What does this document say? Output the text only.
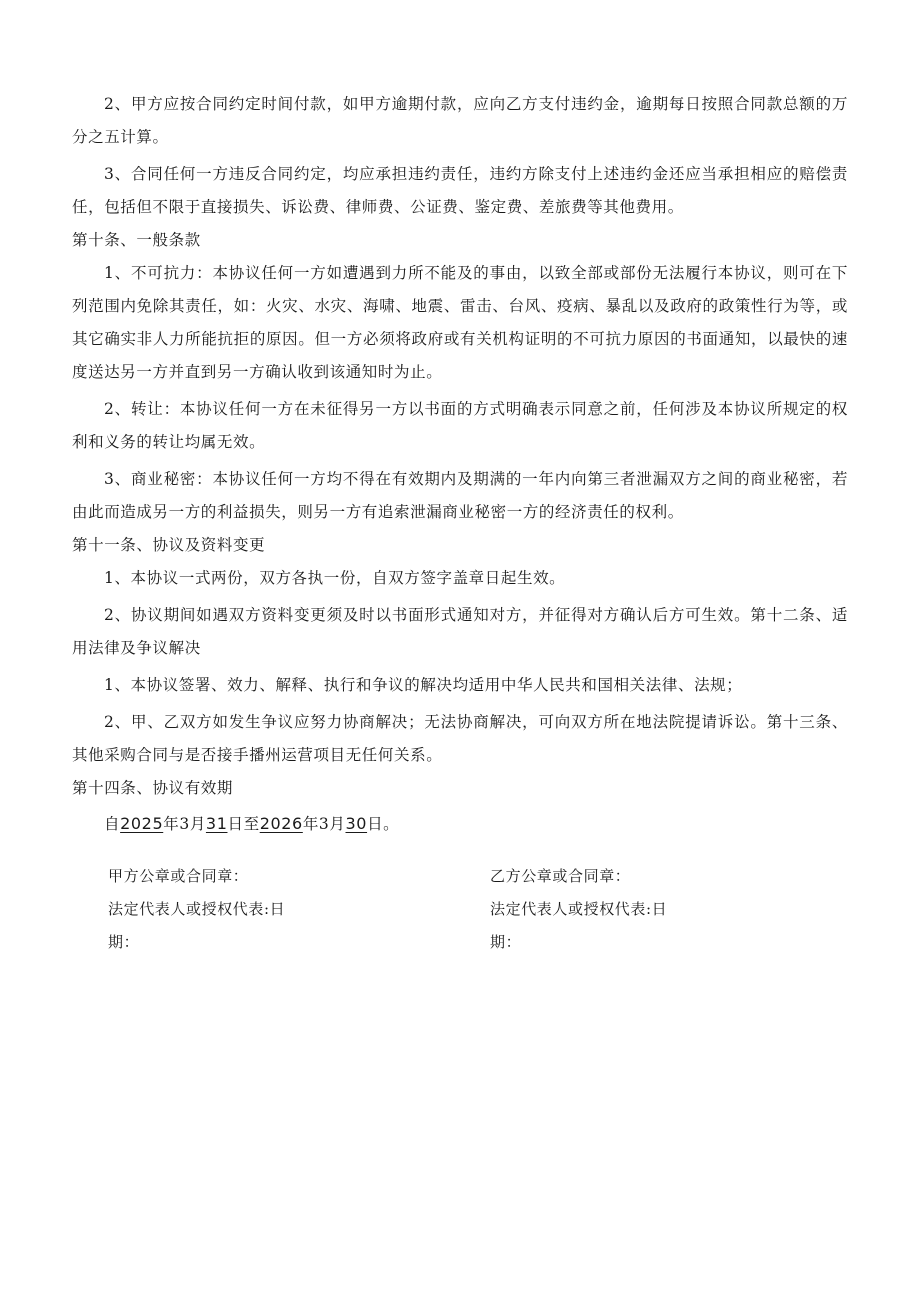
2、甲方应按合同约定时间付款，如甲方逾期付款，应向乙方支付违约金，逾期每日按照合同款总额的万分之五计算。

3、合同任何一方违反合同约定，均应承担违约责任，违约方除支付上述违约金还应当承担相应的赔偿责任，包括但不限于直接损失、诉讼费、律师费、公证费、鉴定费、差旅费等其他费用。

第十条、一般条款

1、不可抗力：本协议任何一方如遭遇到力所不能及的事由，以致全部或部份无法履行本协议，则可在下列范围内免除其责任，如：火灾、水灾、海啸、地震、雷击、台风、疫病、暴乱以及政府的政策性行为等，或其它确实非人力所能抗拒的原因。但一方必须将政府或有关机构证明的不可抗力原因的书面通知，以最快的速度送达另一方并直到另一方确认收到该通知时为止。

2、转让：本协议任何一方在未征得另一方以书面的方式明确表示同意之前，任何涉及本协议所规定的权利和义务的转让均属无效。

3、商业秘密：本协议任何一方均不得在有效期内及期满的一年内向第三者泄漏双方之间的商业秘密，若由此而造成另一方的利益损失，则另一方有追索泄漏商业秘密一方的经济责任的权利。

第十一条、协议及资料变更

1、本协议一式两份，双方各执一份，自双方签字盖章日起生效。

2、协议期间如遇双方资料变更须及时以书面形式通知对方，并征得对方确认后方可生效。第十二条、适用法律及争议解决

1、本协议签署、效力、解释、执行和争议的解决均适用中华人民共和国相关法律、法规；

2、甲、乙双方如发生争议应努力协商解决；无法协商解决，可向双方所在地法院提请诉讼。第十三条、其他采购合同与是否接手播州运营项目无任何关系。

第十四条、协议有效期

自2025年3月31日至2026年3月30日。

甲方公章或合同章：

法定代表人或授权代表:日

期：

乙方公章或合同章：

法定代表人或授权代表:日

期：
